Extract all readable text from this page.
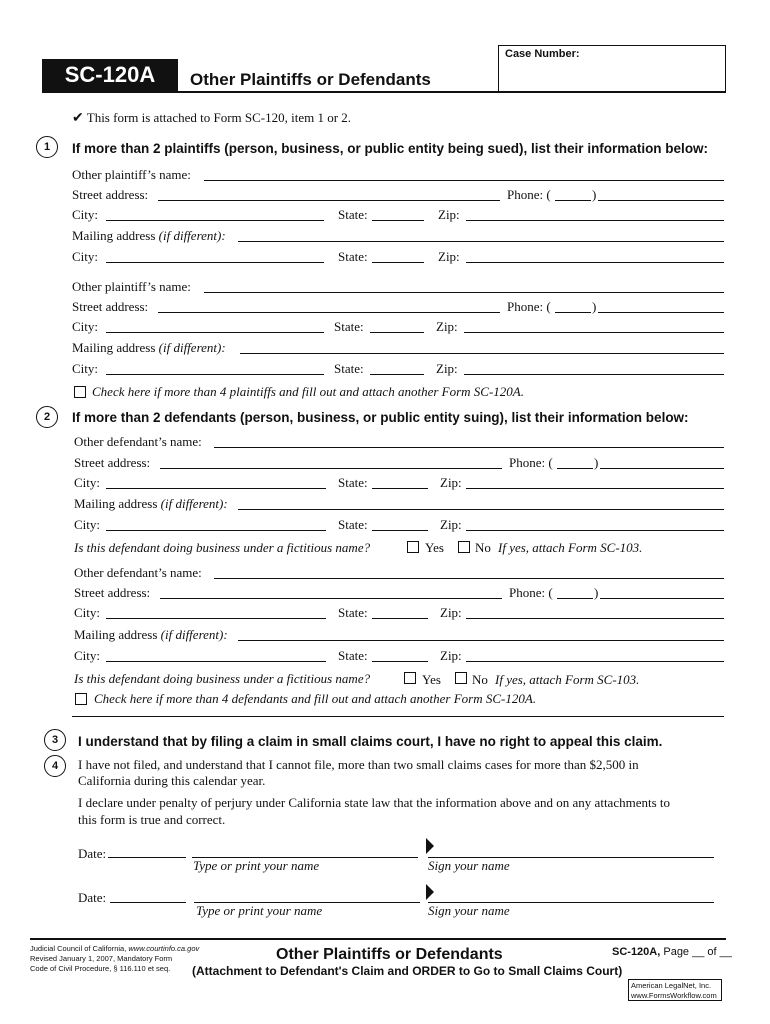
Case Number:
SC-120A	Other Plaintiffs or Defendants
✔ This form is attached to Form SC-120, item 1 or 2.
1	If more than 2 plaintiffs (person, business, or public entity being sued), list their information below:
Other plaintiff’s name:
Street address:	Phone: (	)
City:	State:	Zip:
Mailing address (if different):
City:	State:	Zip:
Other plaintiff’s name:
Street address:	Phone: (	)
City:	State:	Zip:
Mailing address (if different):
City:	State:	Zip:
Check here if more than 4 plaintiffs and fill out and attach another Form SC-120A.
2	If more than 2 defendants (person, business, or public entity suing), list their information below:
Other defendant’s name:
Street address:	Phone: (	)
City:	State:	Zip:
Mailing address (if different):
City:	State:	Zip:
Is this defendant doing business under a fictitious name?	Yes No If yes, attach Form SC-103.
Other defendant’s name:
Street address:	Phone: (	)
City:	State:	Zip:
Mailing address (if different):
City:	State:	Zip:
Is this defendant doing business under a fictitious name?	Yes No If yes, attach Form SC-103.
Check here if more than 4 defendants and fill out and attach another Form SC-120A.
3	I understand that by filing a claim in small claims court, I have no right to appeal this claim.
4	I have not filed, and understand that I cannot file, more than two small claims cases for more than $2,500 in
California during this calendar year.
I declare under penalty of perjury under California state law that the information above and on any attachments to
this form is true and correct.
Date:
Type or print your name	Sign your name
Date:
Type or print your name	Sign your name
Judicial Council of California, www.courtinfo.ca.gov
Revised January 1, 2007, Mandatory Form
Code of Civil Procedure, § 116.110 et seq.
Other Plaintiffs or Defendants
(Attachment to Defendant's Claim and ORDER to Go to Small Claims Court)
SC-120A, Page __ of __
American LegalNet, Inc.
www.FormsWorkflow.com
